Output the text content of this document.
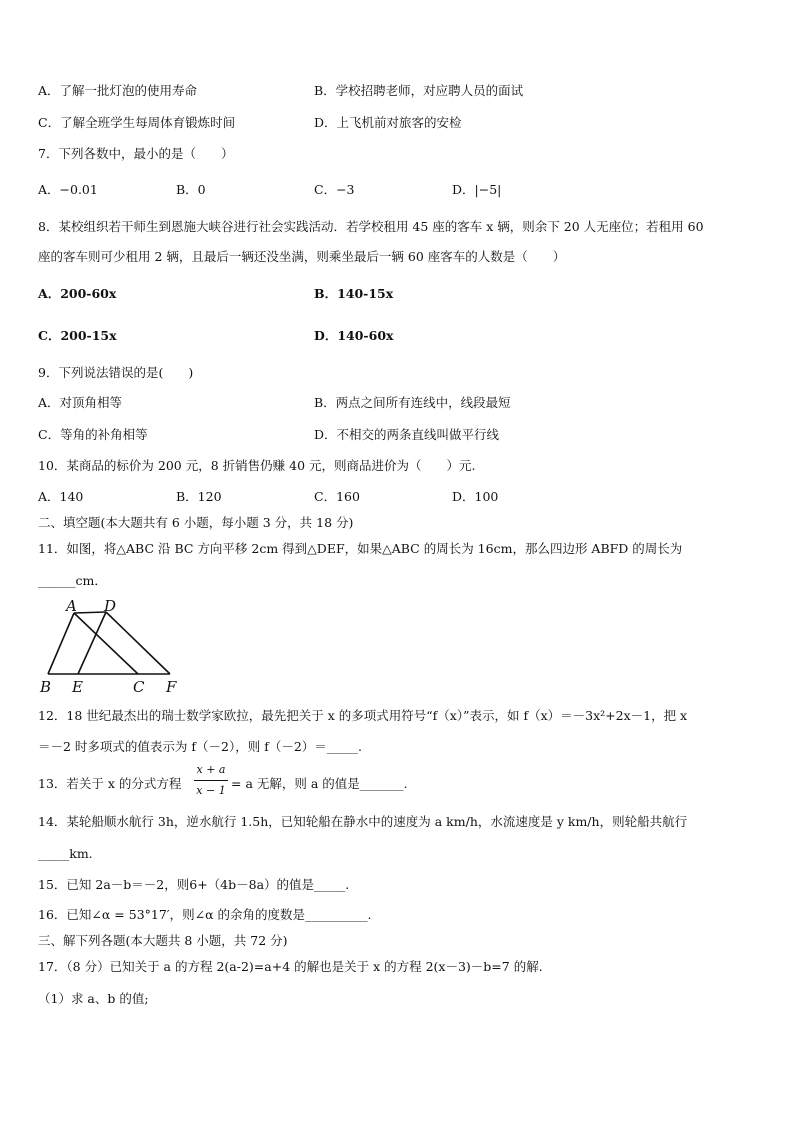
A．了解一批灯泡的使用寿命	B．学校招聘老师，对应聘人员的面试
C．了解全班学生每周体育锻炼时间	D．上飞机前对旅客的安检
7．下列各数中，最小的是（　　）
A．−0.01	B．0	C．−3	D．|−5|
8．某校组织若干师生到恩施大峡谷进行社会实践活动．若学校租用 45 座的客车 x 辆，则余下 20 人无座位；若租用 60
座的客车则可少租用 2 辆，且最后一辆还没坐满，则乘坐最后一辆 60 座客车的人数是（　　）
A．200-60x	B．140-15x
C．200-15x	D．140-60x
9．下列说法错误的是(　　)
A．对顶角相等	B．两点之间所有连线中，线段最短
C．等角的补角相等	D．不相交的两条直线叫做平行线
10．某商品的标价为 200 元，8 折销售仍赚 40 元，则商品进价为（　　）元.
A．140	B．120	C．160	D．100
二、填空题(本大题共有 6 小题，每小题 3 分，共 18 分)
11．如图，将△ABC 沿 BC 方向平移 2cm 得到△DEF，如果△ABC 的周长为 16cm，那么四边形 ABFD 的周长为
______cm．
A D
B E	C F
12．18 世纪最杰出的瑞士数学家欧拉，最先把关于 x 的多项式用符号“f（x）”表示，如 f（x）＝－3x²+2x－1，把 x
＝－2 时多项式的值表示为 f（－2），则 f（－2）＝_____.
13．若关于 x 的分式方程
x + a
x − 1 = a 无解，则 a 的值是_______.
14．某轮船顺水航行 3h，逆水航行 1.5h，已知轮船在静水中的速度为 a km/h，水流速度是 y km/h，则轮船共航行
_____km.
15．已知 2a－b＝－2，则6+（4b－8a）的值是_____.
16．已知∠α = 53°17′，则∠α 的余角的度数是__________.
三、解下列各题(本大题共 8 小题，共 72 分)
17．（8 分）已知关于 a 的方程 2(a-2)=a+4 的解也是关于 x 的方程 2(x－3)－b=7 的解.
（1）求 a、b 的值;
